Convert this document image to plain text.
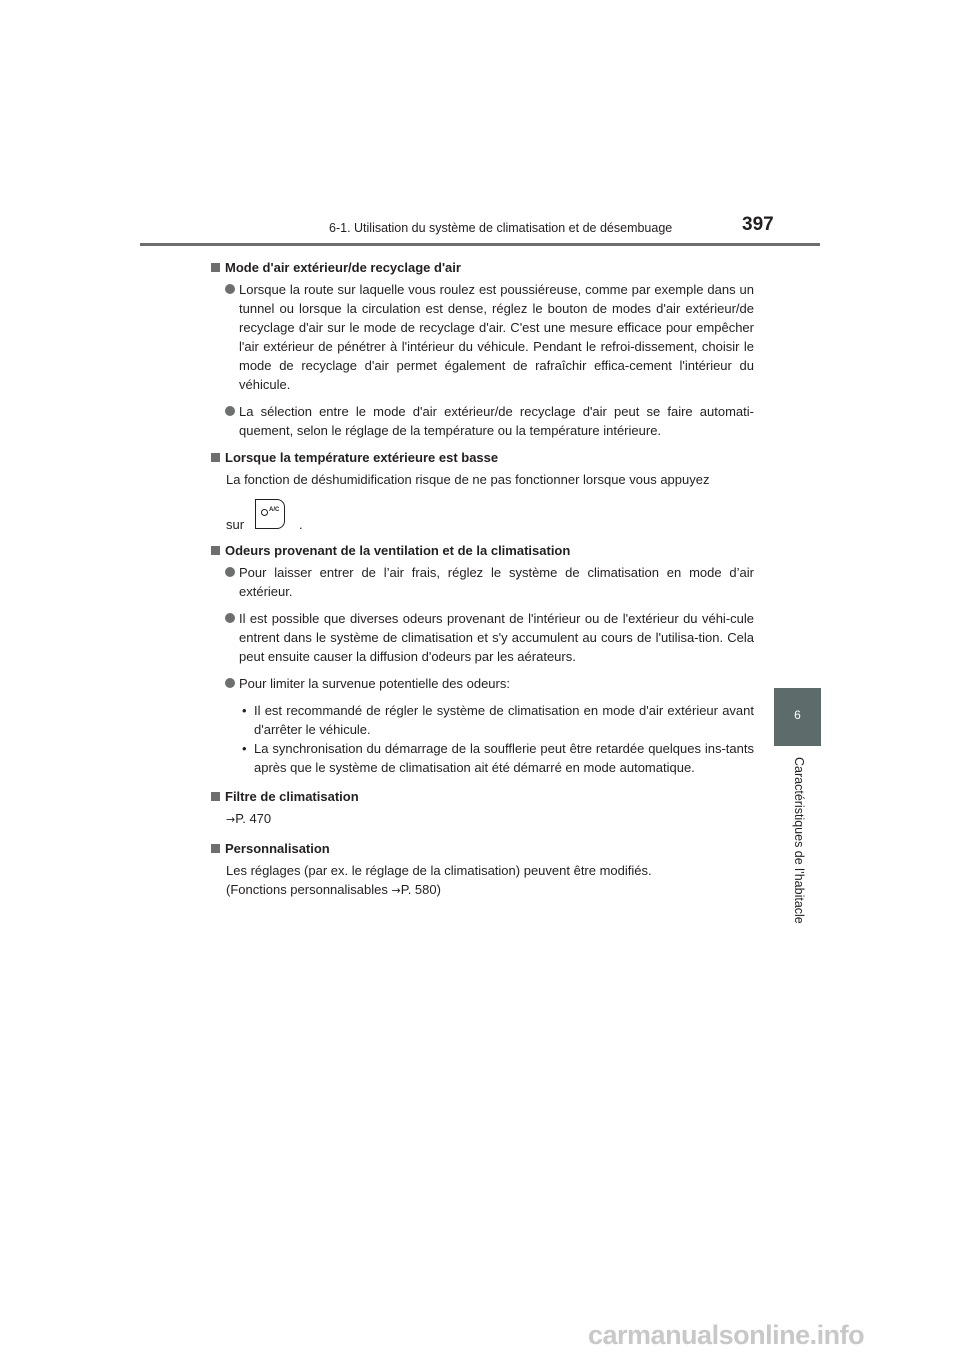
6-1. Utilisation du système de climatisation et de désembuage	397
6
Caractéristiques de l’habitacle
Mode d'air extérieur/de recyclage d'air
Lorsque la route sur laquelle vous roulez est poussiéreuse, comme par exemple dans un tunnel ou lorsque la circulation est dense, réglez le bouton de modes d'air extérieur/de recyclage d'air sur le mode de recyclage d'air. C'est une mesure efficace pour empêcher l'air extérieur de pénétrer à l'intérieur du véhicule. Pendant le refroi-dissement, choisir le mode de recyclage d'air permet également de rafraîchir effica-cement l'intérieur du véhicule.
La sélection entre le mode d'air extérieur/de recyclage d'air peut se faire automati-quement, selon le réglage de la température ou la température intérieure.
Lorsque la température extérieure est basse
La fonction de déshumidification risque de ne pas fonctionner lorsque vous appuyez
sur
A/C
.
Odeurs provenant de la ventilation et de la climatisation
Pour laisser entrer de l’air frais, réglez le système de climatisation en mode d’air extérieur.
Il est possible que diverses odeurs provenant de l'intérieur ou de l'extérieur du véhi-cule entrent dans le système de climatisation et s'y accumulent au cours de l'utilisa-tion. Cela peut ensuite causer la diffusion d'odeurs par les aérateurs.
Pour limiter la survenue potentielle des odeurs:
• Il est recommandé de régler le système de climatisation en mode d'air extérieur avant d'arrêter le véhicule.
• La synchronisation du démarrage de la soufflerie peut être retardée quelques ins-tants après que le système de climatisation ait été démarré en mode automatique.
Filtre de climatisation
→P. 470
Personnalisation
Les réglages (par ex. le réglage de la climatisation) peuvent être modifiés.
(Fonctions personnalisables →P. 580)
carmanualsonline.info
